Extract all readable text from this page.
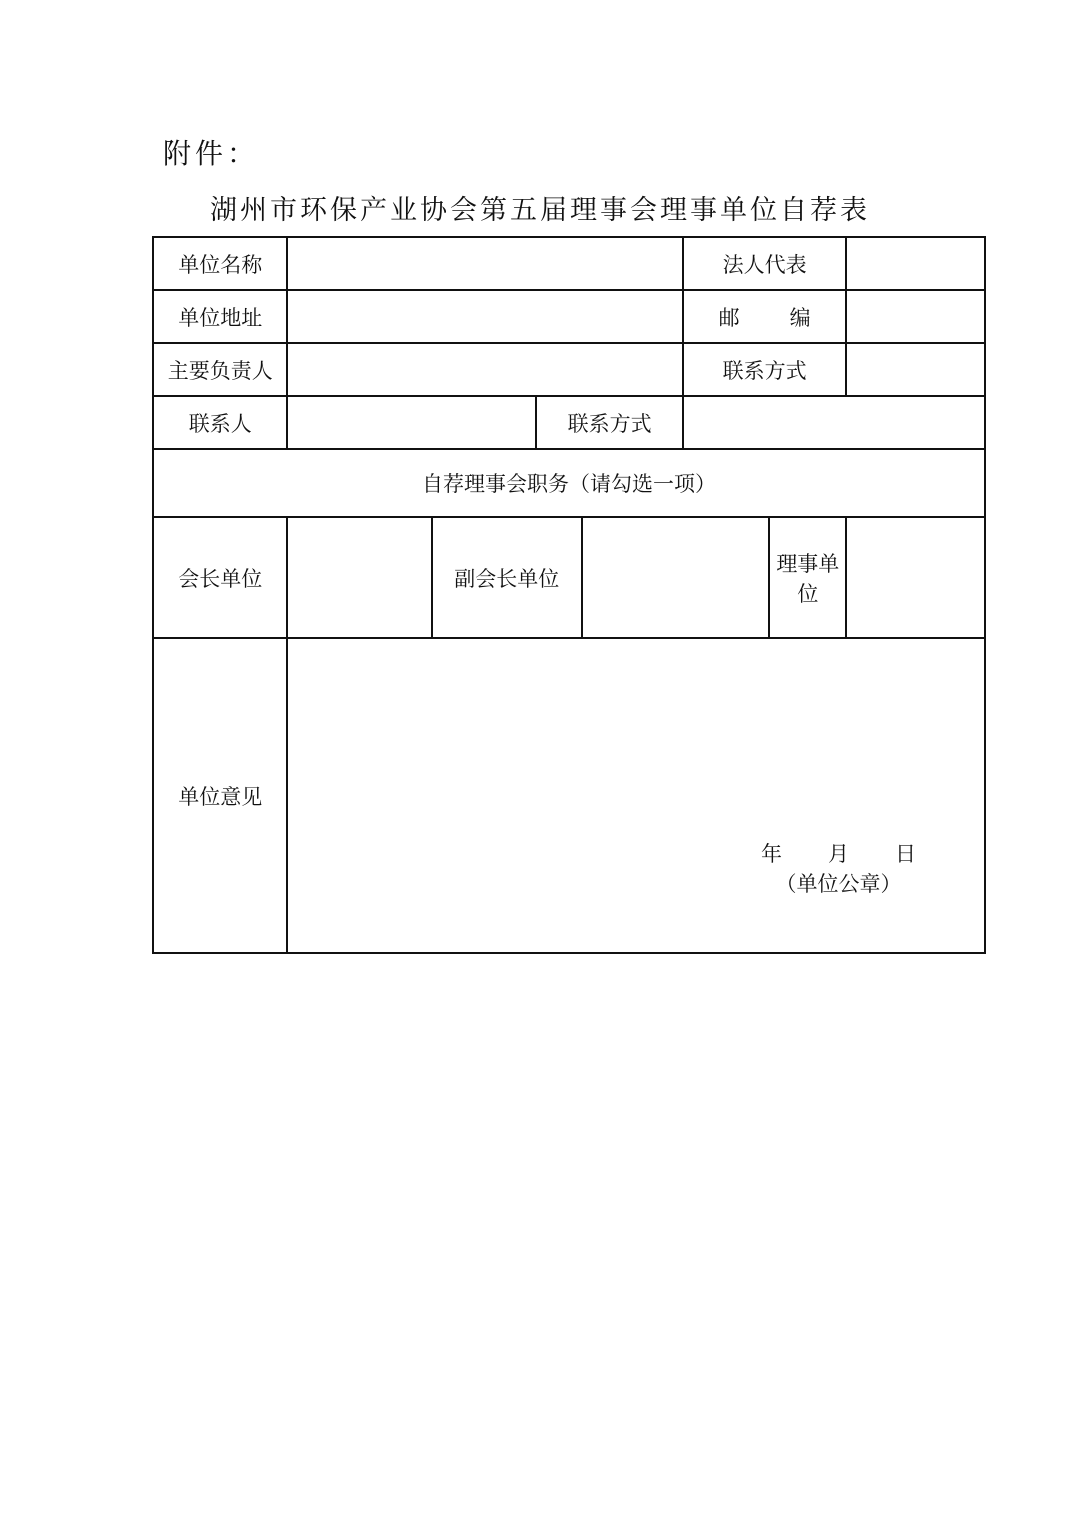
附件：
湖州市环保产业协会第五届理事会理事单位自荐表
单位名称					法人代表		
单位地址					邮 编		
主要负责人					联系方式		
联系人			联系方式				
自荐理事会职务（请勾选一项）							
会长单位		副会长单位				理事单位	
单位意见	年 月 日
（单位公章）						
